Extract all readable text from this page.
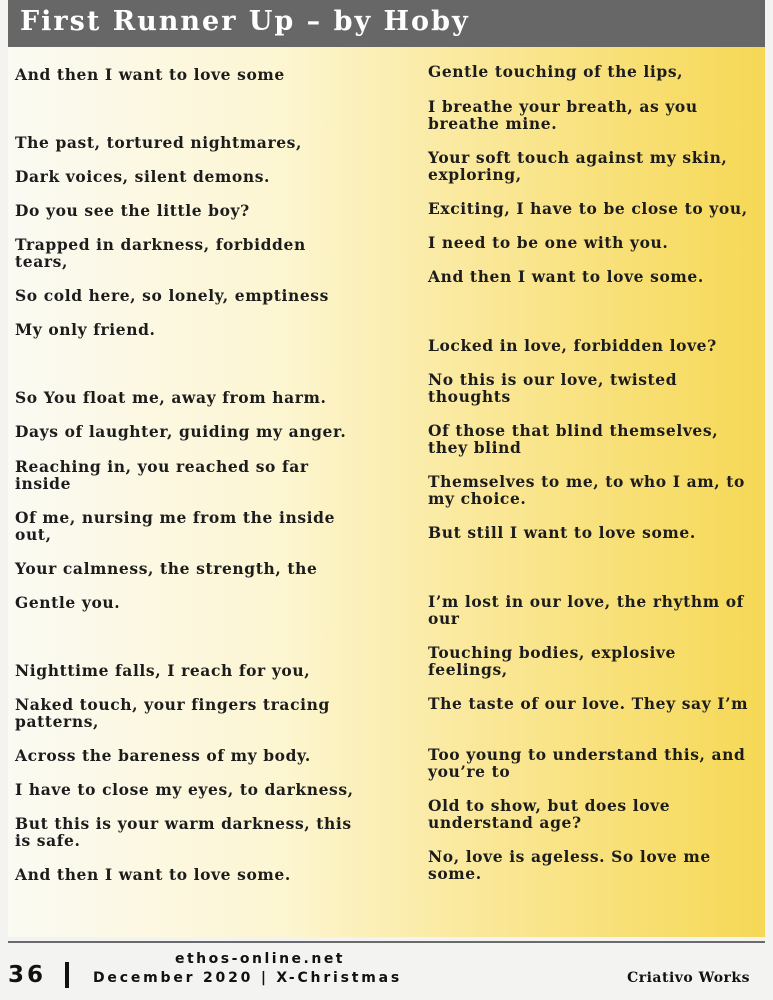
First Runner Up – by Hoby
And then I want to love some
The past, tortured nightmares,
Dark voices, silent demons.
Do you see the little boy?
Trapped in darkness, forbidden tears,
So cold here, so lonely, emptiness
My only friend.
So You float me, away from harm.
Days of laughter, guiding my anger.
Reaching in, you reached so far inside
Of me, nursing me from the inside out,
Your calmness, the strength, the
Gentle you.
Nighttime falls, I reach for you,
Naked touch, your fingers tracing patterns,
Across the bareness of my body.
I have to close my eyes, to darkness,
But this is your warm darkness, this is safe.
And then I want to love some.
Gentle touching of the lips,
I breathe your breath, as you breathe mine.
Your soft touch against my skin, exploring,
Exciting, I have to be close to you,
I need to be one with you.
And then I want to love some.
Locked in love, forbidden love?
No this is our love, twisted thoughts
Of those that blind themselves, they blind
Themselves to me, to who I am, to my choice.
But still I want to love some.
I’m lost in our love, the rhythm of our
Touching bodies, explosive feelings,
The taste of our love. They say I’m
Too young to understand this, and you’re to
Old to show, but does love understand age?
No, love is ageless. So love me some.
36
ethos-online.net
December 2020 | X-Christmas	Criativo Works
